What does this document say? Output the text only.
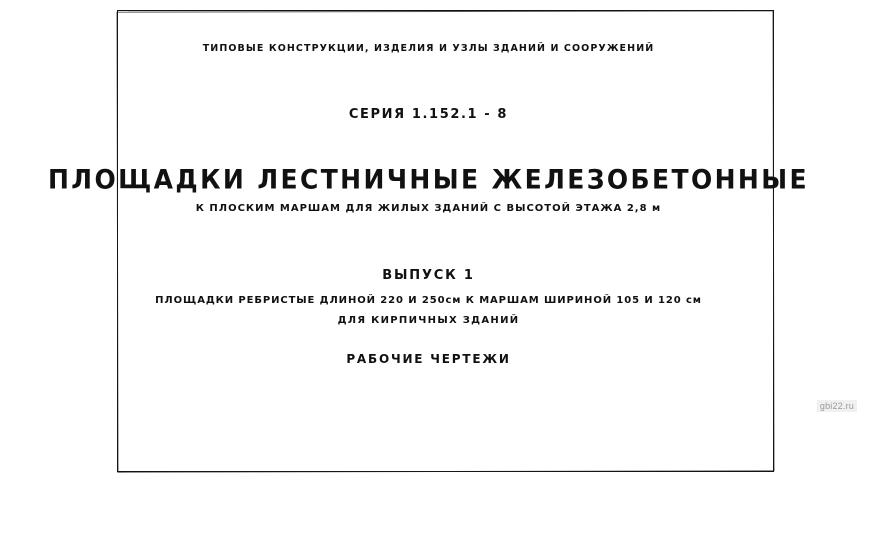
ТИПОВЫЕ КОНСТРУКЦИИ, ИЗДЕЛИЯ И УЗЛЫ ЗДАНИЙ И СООРУЖЕНИЙ
СЕРИЯ 1.152.1 - 8
ПЛОЩАДКИ ЛЕСТНИЧНЫЕ ЖЕЛЕЗОБЕТОННЫЕ
К ПЛОСКИМ МАРШАМ ДЛЯ ЖИЛЫХ ЗДАНИЙ С ВЫСОТОЙ ЭТАЖА 2,8 м
ВЫПУСК 1
ПЛОЩАДКИ РЕБРИСТЫЕ ДЛИНОЙ 220 И 250см К МАРШАМ ШИРИНОЙ 105 И 120 см
ДЛЯ КИРПИЧНЫХ ЗДАНИЙ
РАБОЧИЕ ЧЕРТЕЖИ
gbi22.ru
